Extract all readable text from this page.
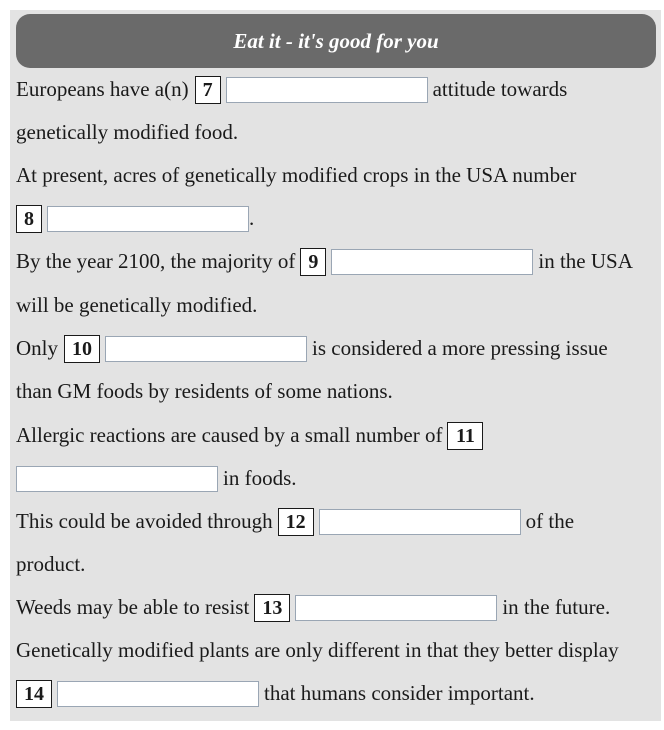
Eat it - it's good for you
Europeans have a(n) 7	attitude towards
genetically modified food.
At present, acres of genetically modified crops in the USA number
8	.
By the year 2100, the majority of 9	in the USA
will be genetically modified.
Only 10	is considered a more pressing issue
than GM foods by residents of some nations.
Allergic reactions are caused by a small number of 11
in foods.
This could be avoided through 12	of the
product.
Weeds may be able to resist 13	in the future.
Genetically modified plants are only different in that they better display
14	that humans consider important.
